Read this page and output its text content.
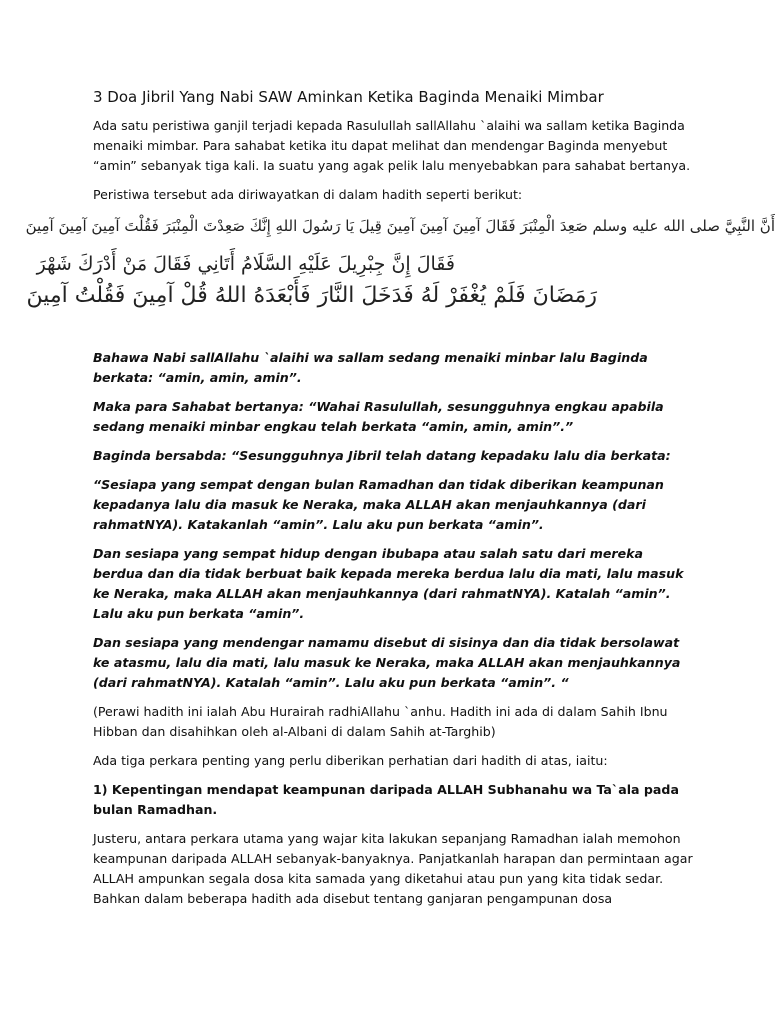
3 Doa Jibril Yang Nabi SAW Aminkan Ketika Baginda Menaiki Mimbar

Ada satu peristiwa ganjil terjadi kepada Rasulullah sallAllahu `alaihi wa sallam ketika Baginda menaiki mimbar. Para sahabat ketika itu dapat melihat dan mendengar Baginda menyebut “amin” sebanyak tiga kali. Ia suatu yang agak pelik lalu menyebabkan para sahabat bertanya.

Peristiwa tersebut ada diriwayatkan di dalam hadith seperti berikut:

أَنَّ النَّبِيَّ صلى الله عليه وسلم صَعِدَ الْمِنْبَرَ فَقَالَ آمِينَ آمِينَ آمِينَ قِيلَ يَا رَسُولَ اللهِ إِنَّكَ صَعِدْتَ الْمِنْبَرَ فَقُلْتَ آمِينَ آمِينَ آمِينَ
فَقَالَ إِنَّ جِبْرِيلَ عَلَيْهِ السَّلَامُ أَتَانِي فَقَالَ مَنْ أَدْرَكَ شَهْرَ
رَمَضَانَ فَلَمْ يُغْفَرْ لَهُ فَدَخَلَ النَّارَ فَأَبْعَدَهُ اللهُ قُلْ آمِينَ فَقُلْتُ آمِينَ

Bahawa Nabi sallAllahu `alaihi wa sallam sedang menaiki minbar lalu Baginda berkata: “amin, amin, amin”.

Maka para Sahabat bertanya: “Wahai Rasulullah, sesungguhnya engkau apabila sedang menaiki minbar engkau telah berkata “amin, amin, amin”.”

Baginda bersabda: “Sesungguhnya Jibril telah datang kepadaku lalu dia berkata:

“Sesiapa yang sempat dengan bulan Ramadhan dan tidak diberikan keampunan kepadanya lalu dia masuk ke Neraka, maka ALLAH akan menjauhkannya (dari rahmatNYA). Katakanlah “amin”. Lalu aku pun berkata “amin”.

Dan sesiapa yang sempat hidup dengan ibubapa atau salah satu dari mereka berdua dan dia tidak berbuat baik kepada mereka berdua lalu dia mati, lalu masuk ke Neraka, maka ALLAH akan menjauhkannya (dari rahmatNYA). Katalah “amin”. Lalu aku pun berkata “amin”.

Dan sesiapa yang mendengar namamu disebut di sisinya dan dia tidak bersolawat ke atasmu, lalu dia mati, lalu masuk ke Neraka, maka ALLAH akan menjauhkannya (dari rahmatNYA). Katalah “amin”. Lalu aku pun berkata “amin”. “

(Perawi hadith ini ialah Abu Hurairah radhiAllahu `anhu. Hadith ini ada di dalam Sahih Ibnu Hibban dan disahihkan oleh al-Albani di dalam Sahih at-Targhib)

Ada tiga perkara penting yang perlu diberikan perhatian dari hadith di atas, iaitu:

1) Kepentingan mendapat keampunan daripada ALLAH Subhanahu wa Ta`ala pada bulan Ramadhan.

Justeru, antara perkara utama yang wajar kita lakukan sepanjang Ramadhan ialah memohon keampunan daripada ALLAH sebanyak-banyaknya. Panjatkanlah harapan dan permintaan agar ALLAH ampunkan segala dosa kita samada yang diketahui atau pun yang kita tidak sedar. Bahkan dalam beberapa hadith ada disebut tentang ganjaran pengampunan dosa
